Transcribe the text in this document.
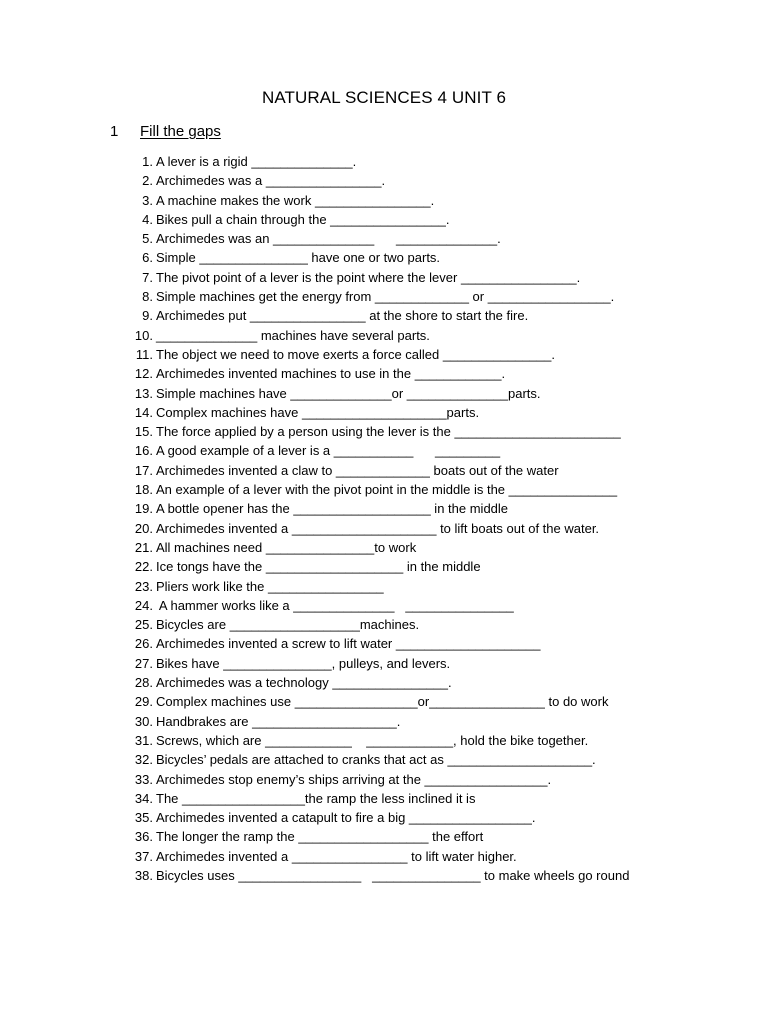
NATURAL SCIENCES 4 UNIT 6
1	Fill the gaps
1. A lever is a rigid ______________.
2. Archimedes was a ________________.
3. A machine makes the work ________________.
4. Bikes pull a chain through the ________________.
5. Archimedes was an ______________      ______________.
6. Simple _______________ have one or two parts.
7. The pivot point of a lever is the point where the lever ________________.
8. Simple machines get the energy from _____________ or _________________.
9. Archimedes put ________________ at the shore to start the fire.
10. ______________ machines have several parts.
11. The object we need to move exerts a force called _______________.
12. Archimedes invented machines to use in the ____________.
13. Simple machines have ______________or ______________parts.
14. Complex machines have ____________________parts.
15. The force applied by a person using the lever is the _______________________
16. A good example of a lever is a ___________      _________
17. Archimedes invented a claw to _____________ boats out of the water
18. An example of a lever with the pivot point in the middle is the _______________
19. A bottle opener has the ___________________ in the middle
20. Archimedes invented a ____________________ to lift boats out of the water.
21. All machines need _______________to work
22. Ice tongs have the ___________________ in the middle
23. Pliers work like the ________________
24. A hammer works like a ______________   _______________
25. Bicycles are __________________machines.
26. Archimedes invented a screw to lift water ____________________
27. Bikes have _______________, pulleys, and levers.
28. Archimedes was a technology ________________.
29. Complex machines use _________________or________________ to do work
30. Handbrakes are ____________________.
31. Screws, which are ____________    ____________, hold the bike together.
32. Bicycles’ pedals are attached to cranks that act as ____________________.
33. Archimedes stop enemy’s ships arriving at the _________________.
34. The _________________the ramp the less inclined it is
35. Archimedes invented a catapult to fire a big _________________.
36. The longer the ramp the __________________ the effort
37. Archimedes invented a ________________ to lift water higher.
38. Bicycles uses _________________   _______________ to make wheels go round
